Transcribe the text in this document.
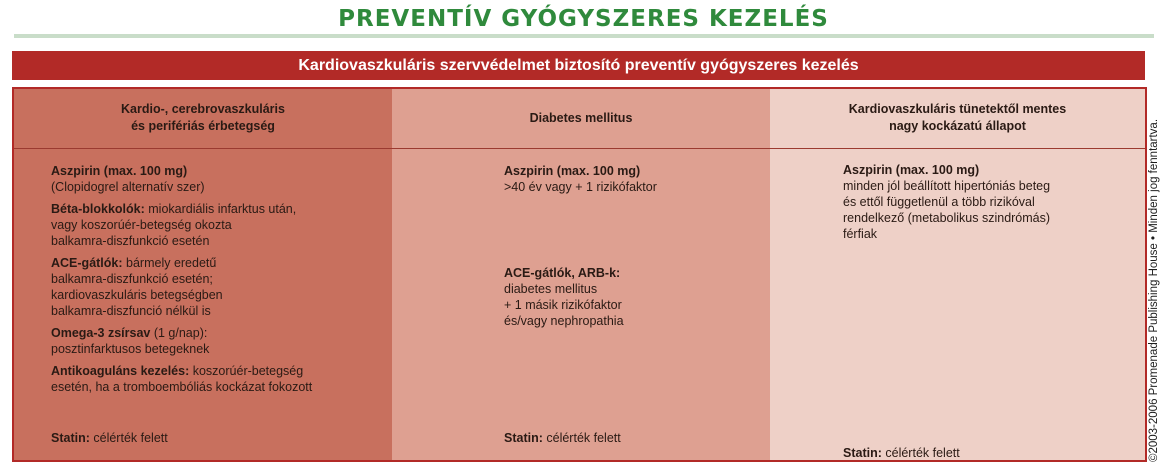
PREVENTÍV GYÓGYSZERES KEZELÉS
Kardiovaszkuláris szervvédelmet biztosító preventív gyógyszeres kezelés
Kardio-, cerebrovaszkuláris
és perifériás érbetegség
Aszpirin (max. 100 mg)
(Clopidogrel alternatív szer)
Béta-blokkolók: miokardiális infarktus után,
vagy koszorúér-betegség okozta
balkamra-diszfunkció esetén
ACE-gátlók: bármely eredetű
balkamra-diszfunkció esetén;
kardiovaszkuláris betegségben
balkamra-diszfunció nélkül is
Omega-3 zsírsav (1 g/nap):
posztinfarktusos betegeknek
Antikoaguláns kezelés: koszorúér-betegség
esetén, ha a tromboembóliás kockázat fokozott
Statin: célérték felett
Diabetes mellitus
Aszpirin (max. 100 mg)
>40 év vagy + 1 rizikófaktor
ACE-gátlók, ARB-k:
diabetes mellitus
+ 1 másik rizikófaktor
és/vagy nephropathia
Statin: célérték felett
Kardiovaszkuláris tünetektől mentes
nagy kockázatú állapot
Aszpirin (max. 100 mg)
minden jól beállított hipertóniás beteg
és ettől függetlenül a több rizikóval
rendelkező (metabolikus szindrómás)
férfiak
Statin: célérték felett	©2003-2006 Promenade Publishing House • Minden jog fenntartva.
